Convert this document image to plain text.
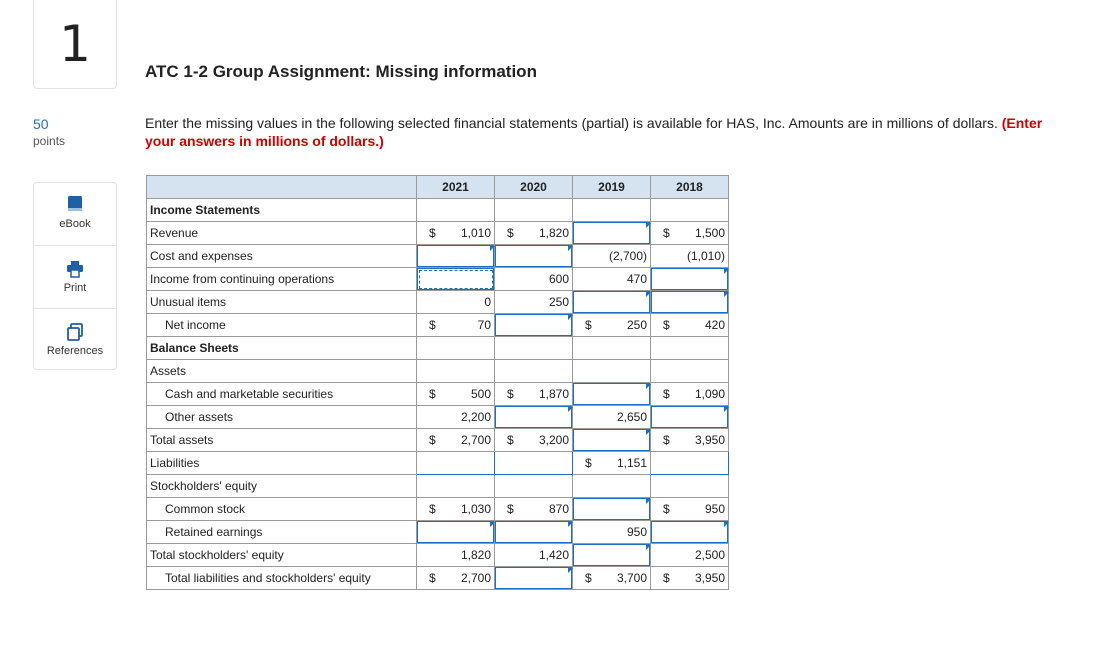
1
50
points
eBook
Print
References
ATC 1-2 Group Assignment: Missing information
Enter the missing values in the following selected financial statements (partial) is available for HAS, Inc. Amounts are in millions of dollars. (Enter your answers in millions of dollars.)
	2021	2020	2019	2018
Income Statements				
Revenue	$ 1,010	$ 1,820		$ 1,500

Cost and expenses			(2,700)	(1,010)

Income from continuing operations		600	470	

Unusual items	0	250		

Net income	$ 70		$ 250	$ 420

Balance Sheets				
Assets				
Cash and marketable securities	$ 500	$ 1,870		$ 1,090

Other assets	2,200		2,650	

Total assets	$ 2,700	$ 3,200		$ 3,950

Liabilities			$ 1,151	

Stockholders' equity				
Common stock	$ 1,030	$ 870		$ 950

Retained earnings			950	

Total stockholders' equity	1,820	1,420		2,500

Total liabilities and stockholders' equity	$ 2,700		$ 3,700	$ 3,950
